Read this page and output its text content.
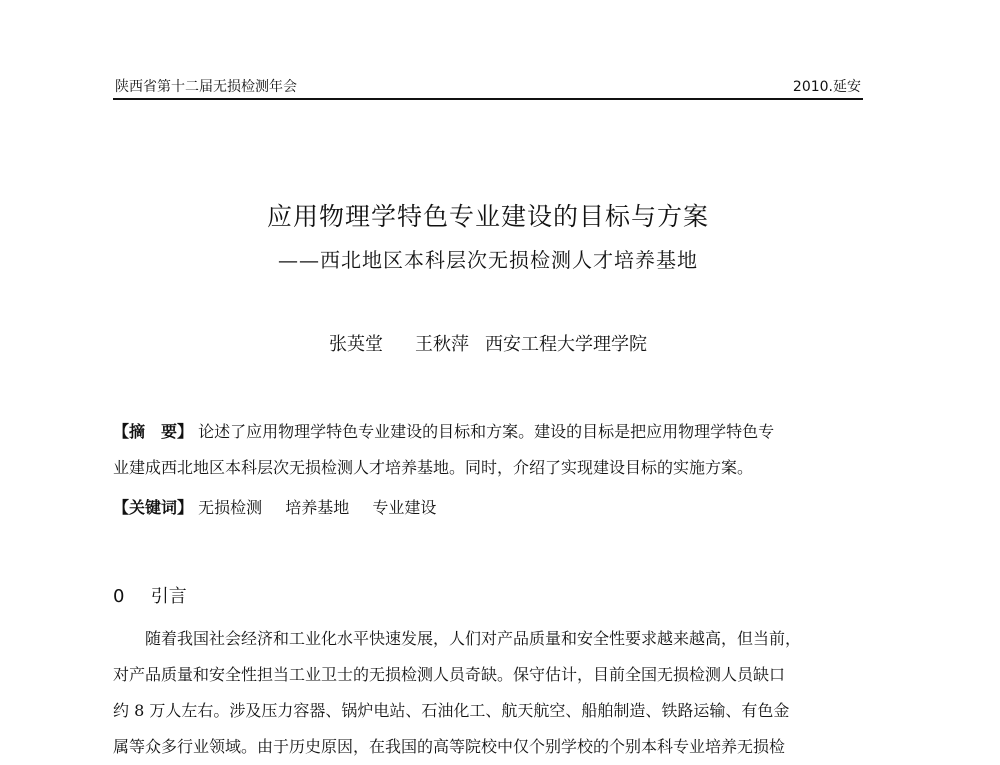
陕西省第十二届无损检测年会	2010.延安
应用物理学特色专业建设的目标与方案
——西北地区本科层次无损检测人才培养基地
张英堂 王秋萍 西安工程大学理学院
【摘　要】 论述了应用物理学特色专业建设的目标和方案。建设的目标是把应用物理学特色专
业建成西北地区本科层次无损检测人才培养基地。同时，介绍了实现建设目标的实施方案。
【关键词】 无损检测 培养基地 专业建设
0 引言
随着我国社会经济和工业化水平快速发展，人们对产品质量和安全性要求越来越高，但当前，
对产品质量和安全性担当工业卫士的无损检测人员奇缺。保守估计，目前全国无损检测人员缺口
约 8 万人左右。涉及压力容器、锅炉电站、石油化工、航天航空、船舶制造、铁路运输、有色金
属等众多行业领域。由于历史原因，在我国的高等院校中仅个别学校的个别本科专业培养无损检
